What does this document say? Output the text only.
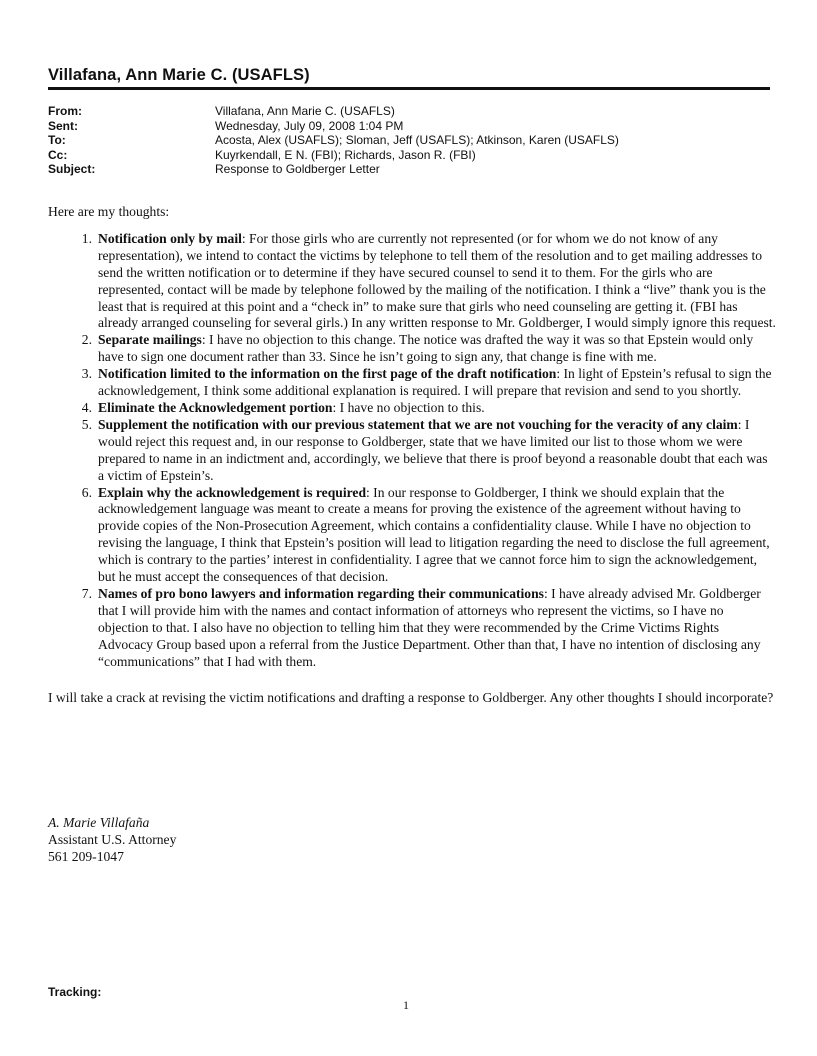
Villafana, Ann Marie C. (USAFLS)
From:	Villafana, Ann Marie C. (USAFLS)
Sent:	Wednesday, July 09, 2008 1:04 PM
To:	Acosta, Alex (USAFLS); Sloman, Jeff (USAFLS); Atkinson, Karen (USAFLS)
Cc:	Kuyrkendall, E N. (FBI); Richards, Jason R. (FBI)
Subject:	Response to Goldberger Letter

Here are my thoughts:

1. Notification only by mail: For those girls who are currently not represented (or for whom we do not know of any representation), we intend to contact the victims by telephone to tell them of the resolution and to get mailing addresses to send the written notification or to determine if they have secured counsel to send it to them. For the girls who are represented, contact will be made by telephone followed by the mailing of the notification. I think a “live” thank you is the least that is required at this point and a “check in” to make sure that girls who need counseling are getting it. (FBI has already arranged counseling for several girls.) In any written response to Mr. Goldberger, I would simply ignore this request.
2. Separate mailings: I have no objection to this change. The notice was drafted the way it was so that Epstein would only have to sign one document rather than 33. Since he isn’t going to sign any, that change is fine with me.
3. Notification limited to the information on the first page of the draft notification: In light of Epstein’s refusal to sign the acknowledgement, I think some additional explanation is required. I will prepare that revision and send to you shortly.
4. Eliminate the Acknowledgement portion: I have no objection to this.
5. Supplement the notification with our previous statement that we are not vouching for the veracity of any claim: I would reject this request and, in our response to Goldberger, state that we have limited our list to those whom we were prepared to name in an indictment and, accordingly, we believe that there is proof beyond a reasonable doubt that each was a victim of Epstein’s.
6. Explain why the acknowledgement is required: In our response to Goldberger, I think we should explain that the acknowledgement language was meant to create a means for proving the existence of the agreement without having to provide copies of the Non-Prosecution Agreement, which contains a confidentiality clause. While I have no objection to revising the language, I think that Epstein’s position will lead to litigation regarding the need to disclose the full agreement, which is contrary to the parties’ interest in confidentiality. I agree that we cannot force him to sign the acknowledgement, but he must accept the consequences of that decision.
7. Names of pro bono lawyers and information regarding their communications: I have already advised Mr. Goldberger that I will provide him with the names and contact information of attorneys who represent the victims, so I have no objection to that. I also have no objection to telling him that they were recommended by the Crime Victims Rights Advocacy Group based upon a referral from the Justice Department. Other than that, I have no intention of disclosing any “communications” that I had with them.

I will take a crack at revising the victim notifications and drafting a response to Goldberger. Any other thoughts I should incorporate?

A. Marie Villafaña
Assistant U.S. Attorney
561 209-1047
Tracking:
1
